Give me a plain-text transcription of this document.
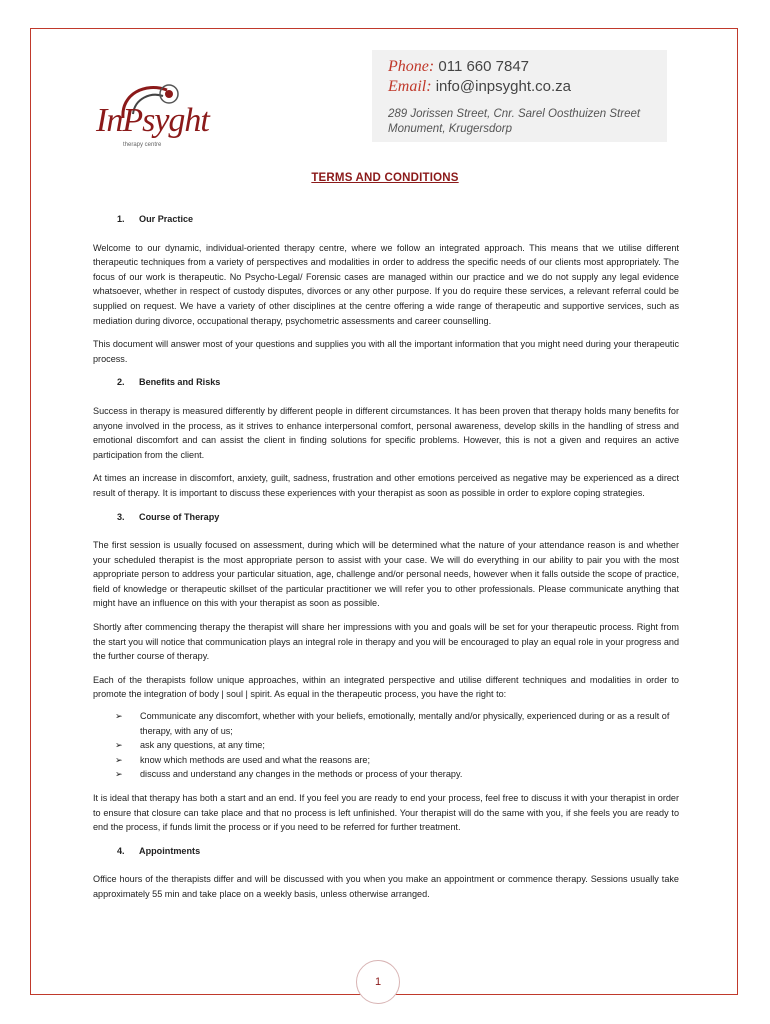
InPsyght
therapy centre
Phone: 011 660 7847
Email: info@inpsyght.co.za
289 Jorissen Street, Cnr. Sarel Oosthuizen Street
Monument, Krugersdorp
TERMS AND CONDITIONS
1.	Our Practice

Welcome to our dynamic, individual-oriented therapy centre, where we follow an integrated approach. This means that we utilise different therapeutic techniques from a variety of perspectives and modalities in order to address the specific needs of our clients most appropriately. The focus of our work is therapeutic. No Psycho-Legal/ Forensic cases are managed within our practice and we do not supply any legal evidence whatsoever, whether in respect of custody disputes, divorces or any other purpose. If you do require these services, a relevant referral could be supplied on request. We have a variety of other disciplines at the centre offering a wide range of therapeutic and supportive services, such as mediation during divorce, occupational therapy, psychometric assessments and career counselling.

This document will answer most of your questions and supplies you with all the important information that you might need during your therapeutic process.

2.	Benefits and Risks

Success in therapy is measured differently by different people in different circumstances. It has been proven that therapy holds many benefits for anyone involved in the process, as it strives to enhance interpersonal comfort, personal awareness, develop skills in the handling of stress and emotional discomfort and can assist the client in finding solutions for specific problems. However, this is not a given and requires an active participation from the client.

At times an increase in discomfort, anxiety, guilt, sadness, frustration and other emotions perceived as negative may be experienced as a direct result of therapy. It is important to discuss these experiences with your therapist as soon as possible in order to explore coping strategies.

3.	Course of Therapy

The first session is usually focused on assessment, during which will be determined what the nature of your attendance reason is and whether your scheduled therapist is the most appropriate person to assist with your case. We will do everything in our ability to pair you with the most appropriate person to address your particular situation, age, challenge and/or personal needs, however when it falls outside the scope of practice, field of knowledge or therapeutic skillset of the particular practitioner we will refer you to other professionals. Please communicate anything that might have an influence on this with your therapist as soon as possible.

Shortly after commencing therapy the therapist will share her impressions with you and goals will be set for your therapeutic process. Right from the start you will notice that communication plays an integral role in therapy and you will be encouraged to play an equal role in your progress and the further course of therapy.

Each of the therapists follow unique approaches, within an integrated perspective and utilise different techniques and modalities in order to promote the integration of body | soul | spirit. As equal in the therapeutic process, you have the right to:

➢	Communicate any discomfort, whether with your beliefs, emotionally, mentally and/or physically, experienced during or as a result of therapy, with any of us;
➢	ask any questions, at any time;
➢	know which methods are used and what the reasons are;
➢	discuss and understand any changes in the methods or process of your therapy.

It is ideal that therapy has both a start and an end. If you feel you are ready to end your process, feel free to discuss it with your therapist in order to ensure that closure can take place and that no process is left unfinished. Your therapist will do the same with you, if she feels you are ready to end the process, if funds limit the process or if you need to be referred for further treatment.

4.	Appointments

Office hours of the therapists differ and will be discussed with you when you make an appointment or commence therapy. Sessions usually take approximately 55 min and take place on a weekly basis, unless otherwise arranged.

1
